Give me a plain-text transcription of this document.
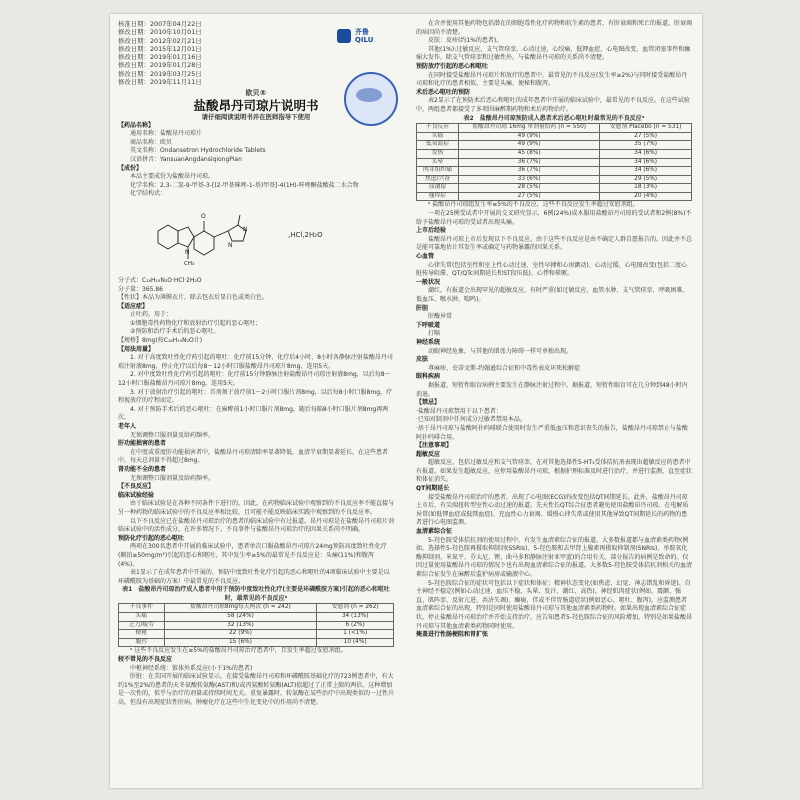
核准日期：2007年04月22日
修改日期：2010年10月01日
修改日期：2012年02月21日
修改日期：2015年12月01日
修改日期：2019年01月16日
修改日期：2019年01月28日
修改日期：2019年03月25日
修改日期：2019年11月11日
齐鲁
QILU
欧贝®
盐酸昂丹司琼片说明书
请仔细阅读说明书并在医师指导下使用
【药品名称】
通用名称：盐酸昂丹司琼片
商品名称：欧贝
英文名称：Ondansetron Hydrochloride Tablets
汉语拼音：YansuanAngdansiqiongPian
【成份】
本品主要成份为盐酸昂丹司琼。
化学名称：2,3-二氢-9-甲基-3-[(2-甲基咪唑-1-基)甲基]-4(1H)-咔唑酮盐酸盐二水合物
化学结构式：
O
N
CH₃
N
N
,HCl,2H₂O
分子式：C₁₈H₁₉N₃O·HCl·2H₂O
分子量：365.86
【性状】本品为薄膜衣片，除去包衣后显白色或类白色。
【适应症】
止吐药，用于：
①细胞毒性药物化疗和放射治疗引起的恶心呕吐；
②预防和治疗手术后的恶心呕吐。
【规格】8mg(按C₁₈H₁₉N₃O计)
【用法用量】
1. 对于高度致吐性化疗药引起的呕吐：化疗前15分钟、化疗后4小时、8小时各静脉注射盐酸昂丹司琼注射液8mg，停止化疗以后每8～12小时口服盐酸昂丹司琼片8mg，连用5天。
2. 对中度致吐性化疗药引起的呕吐：化疗前15分钟静脉注射盐酸昂丹司琼注射液8mg，以后每8～12小时口服盐酸昂丹司琼片8mg，连用5天。
3. 对于放射治疗引起的呕吐：首剂须于放疗前1～2小时口服片剂8mg，以后每8小时口服8mg，疗程视放疗的疗程而定。
4. 对于预防手术后的恶心呕吐：在麻醉前1小时口服片剂8mg，随后每隔8小时口服片剂8mg再两次。
老年人
无须调整口服剂量及给药频率。
肝功能损害的患者
在中度或重度肝功能损害者中，盐酸昂丹司琼清除率显著降低，血清半衰期显著延长，在这些患者中，每天总剂量不得超过8mg。
肾功能不全的患者
无须调整口服剂量及给药频率。
【不良反应】
临床试验经验
由于临床试验是在各种不同条件下进行的，因此，在药物临床试验中观察到的不良反应率不能直接与另一种药物的临床试验中的不良反应率相比较，且可能不能反映临床实践中观察到的不良反应率。
以下不良反应已在盐酸昂丹司琼治疗的患者的临床试验中有过报道。昂丹司琼是在盐酸昂丹司琼片剂临床试验中的活性成分。在许多情况下，不良事件与盐酸昂丹司琼治疗的因果关系尚不明确。
预防化疗引起的恶心呕吐
两项在300名患者中开展的临床试验中，患者单次口服盐酸昂丹司琼片24mg预防高度致吐性化疗(顺铂≥50mg/m²)引起的恶心和呕吐，其中发生率≥5%的最常见不良反应是：头痛(11%)和腹泻(4%)。
表1显示了在成年患者中开展的、预防中度致吐性化疗引起的恶心和呕吐的4项临床试验中主要是以环磷酰胺为基础的方案）中最常见的不良反应。
表1　盐酸昂丹司琼治疗成人患者中用于预防中度致吐性化疗(主要是环磷酰胺方案)引起的恶心和呕吐时，最常见的不良反应ᵃ
不良事件	盐酸昂丹司琼8mg每天两次 (n = 242)	安慰剂 (n = 262)
头痛	58 (24%)	34 (13%)
乏力/疲劳	32 (13%)	6 (2%)
便秘	22 (9%)	1 (<1%)
腹泻	15 (6%)	10 (4%)
ᵃ 这些不良反应发生在≥5%的盐酸昂丹司琼治疗患者中，且发生率超过安慰剂组。
较不常见的不良反应
中枢神经系统：锥体外系反应(小于1%的患者)
肝脏：在美国开展的临床试验显示，在接受盐酸昂丹司琼和环磷酰胺基础化疗的723例患者中，有大约1%至2%的患者的天冬氨酸转氨酶(AST)和/或丙氨酸转氨酶(ALT)值超过了正常上限的两倍。这种增加是一次性的，似乎与治疗的剂量或持续时间无关。重复暴露时，转氨酶在某些治疗中出现类似的一过性升高，但没有出现症状性肝病。肿瘤化疗在这些中生化变化中的作用尚不清楚。
在含并使用其他药物包括潜在的细胞毒性化疗药物和抗生素的患者，有肝衰竭和死亡的报道，肝衰竭的病因尚不清楚。
皮肤：皮疹(约1%的患者)。
其他(1%):过敏反应，支气管痉挛，心动过速，心绞痛，低钾血症，心电图改变，血管闭塞事件和癫痫大发作，除支气管痉挛和过敏性外，与盐酸昂丹司琼的关系尚不清楚。
预防放疗引起的恶心和呕吐
在同时接受盐酸昂丹司琼片和放疗的患者中，最常见的不良反应(发生率≥2%)与同时接受盐酸昂丹司琼和化疗的患者相似，主要是头痛、便秘和腹泻。
术后恶心呕吐的预防
表2显示了在预防术后恶心和呕吐的成年患者中开展的临床试验中，最常见的不良反应。在这些试验中，两组患者都接受了多项围麻醉期药物和术后药物治疗。
表2　盐酸昂丹司琼预防成人患者术后恶心呕吐时最常见的不良反应ᵃ
不良反应	盐酸昂丹司琼 16mg 单剂量给药 (n = 550)	安慰剂 Placebo (n = 531)
头痛	49 (9%)	27 (5%)
低氧血症	49 (9%)	35 (7%)
发热	45 (8%)	34 (6%)
头晕	36 (7%)	34 (6%)
肉芽组织痛	36 (7%)	34 (6%)
焦虑/兴奋	33 (6%)	29 (5%)
尿潴留	28 (5%)	18 (3%)
瘙痒症	27 (5%)	20 (4%)
ᵃ 盐酸昂丹司琼组发生率≥5%的不良反应，这些不良反应发生率超过安慰剂组。
一项在25例受试者中开展的交叉研究显示，6例(24%)成木服用盐酸昂丹司琼的受试者和2例(8%)不给予盐酸昂丹司琼的受试者出现头痛。
上市后经验
盐酸昂丹司琼上市后发现以下不良反应。由于这些不良反应是由不确定人群自愿报告的，因此并不总是能可靠地估计其发生率或确定与药物暴露的因果关系。
心血管
心律失常(包括室性和室上性心动过速、室性早搏和心房颤动)、心动过缓、心电图改变(包括二度心脏传导阻滞、QT/QTc间期延长和ST段压低)、心悸和晕厥。
一般状况
潮红，有报道会出现罕见的超敏反应，有时严重(如过敏反应、血管水肿、支气管痉挛、呼吸困难、低血压、喉水肿、喘鸣)。
肝胆
肝酶异常
下呼吸道
打嗝
神经系统
动眼神经危象，与其他的肌张力障碍一样可单独出现。
皮肤
荨麻疹、史蒂文斯-约翰逊综合征和中毒性表皮坏死松解症
眼科疾病
据报道，短暂性眼盲病例主要发生在静脉注射过程中。据报道，短暂性眼盲可在几分钟到48小时内消退。
【禁忌】
·盐酸昂丹司琼禁用于以下患者：
·已知对制剂中任何成分过敏者禁用本品。
·基于昂丹司琼与盐酸阿扑吗啡联合使用时发生严重低血压和意识丧失的报告，盐酸昂丹司琼禁止与盐酸阿扑吗啡合用。
【注意事项】
超敏反应
超敏反应，包括过敏反应和支气管痉挛，在对其他选择性5-HT₃受体拮抗剂表现出超敏反应的患者中有报道。如果发生超敏反应，应停用盐酸昂丹司琼，根据护理标准及时进行治疗，并进行监测，直至症状和体征消失。
QT间期延长
接受盐酸昂丹司琼治疗的患者，出现了心电图(ECG)的改变包括QT间期延长。此外，盐酸昂丹司琼上市后，有尖端扭转型室性心动过速的报道。先天性长QT综合征患者避免使用盐酸昂丹司琼。在电解质异常(如低钾血症或低镁血症)、充血性心力衰竭、缓慢心律失常或使用其他导致QT间期延长的药物的患者进行心电图监测。
血清素综合征
5-羟色胺受体拮抗剂的使用过程中，有发生血清素综合征的报道。大多数报道都与血清素类药物(例如，选择性5-羟色胺再摄取抑制剂(SSRIs)、5-羟色胺和去甲肾上腺素再摄取抑制剂(SNRIs)、单胺氧化酶抑制剂、米氮平、芬太尼、锂、曲马多和静脉注射亚甲蓝)的合用有关。部分报告的病例是致命的。仅因过量使用盐酸昂丹司琼的情况下也有出现血清素综合征的报道。大多数5-羟色胺受体拮抗剂相关的血清素综合征发生在麻醉后监护病房或输液中心。
5-羟色胺综合征的症状可包括以下症状和体征：精神状态变化(如焦虑、幻觉、神志错乱和昏迷)、自主神经不稳定(例如心动过速、血压不稳、头晕、发汗、潮红、高热)、神经肌肉症状(例如，震颤、强直、肌阵挛、反射亢进、共济失调)、癫痫，伴或不伴胃肠道症状(例如恶心、呕吐、腹泻)。应监测患者血清素综合征的出现，特别是同时使用盐酸昂丹司琼与其他血清素类药物时。如果出现血清素综合征症状，停止盐酸昂丹司琼治疗并开始支持治疗。应告知患者5-羟色胺综合征的风险增加，特别是如果盐酸昂丹司琼与其他血清素类药物同时使用。
掩盖进行性肠梗阻和胃扩张
